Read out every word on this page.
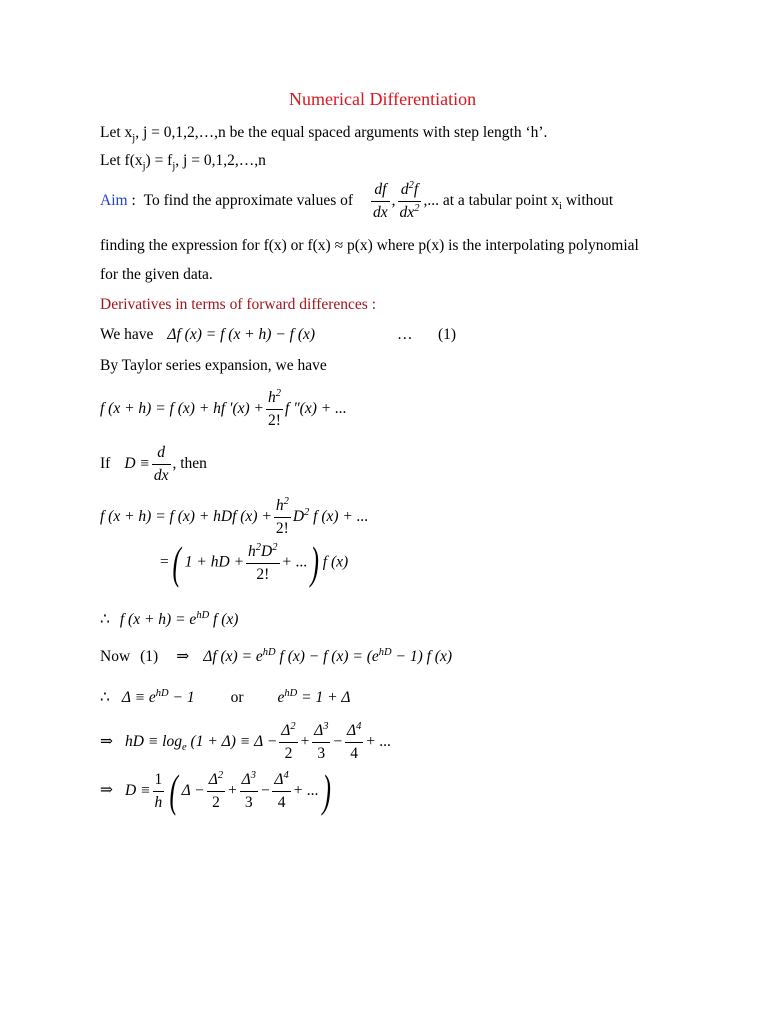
Numerical Differentiation
Let $x_j$, j = 0,1,2,…,n be the equal spaced arguments with step length ‘h’.
Let $f(x_j) = f_j$, j = 0,1,2,…,n
Aim : To find the approximate values of $\frac{df}{dx}$ , $\frac{d^2f}{dx^2}$ ,... at a tabular point $x_i$ without
finding the expression for f(x) or f(x) ≈ p(x) where p(x) is the interpolating polynomial
for the given data.
Derivatives in terms of forward differences :
We have Δf (x) = f (x + h) − f (x)	… (1)
By Taylor series expansion, we have
f (x + h) = f (x) + hf $'(x) + \frac{h^2}{2!}$ f ″(x) + ...
If $D \equiv \frac{d}{dx}$ , then
f (x + h) = f (x) + hDf $(x) + \frac{h^2}{2!} D^2$ f (x) + ...
=( 1 + hD + $\frac{h^2D^2}{2!}$ + ...) f (x)
∴ f $(x + h) = e^{hD}$ f (x)
Now (1) ⇒ Δf $(x) = e^{hD}$ f (x) − f $(x) = (e^{hD} - 1)$ f (x)
∴ $\Delta \equiv e^{hD} - 1$ or $e^{hD} = 1 + \Delta$
⇒ hD ≡ $\log_e (1 + \Delta) \equiv \Delta - \frac{\Delta^2}{2} + \frac{\Delta^3}{3} - \frac{\Delta^4}{4}$ + ...
⇒ $D \equiv \frac{1}{h}$ ( $\Delta - \frac{\Delta^2}{2} + \frac{\Delta^3}{3} - \frac{\Delta^4}{4}$ + ...)
